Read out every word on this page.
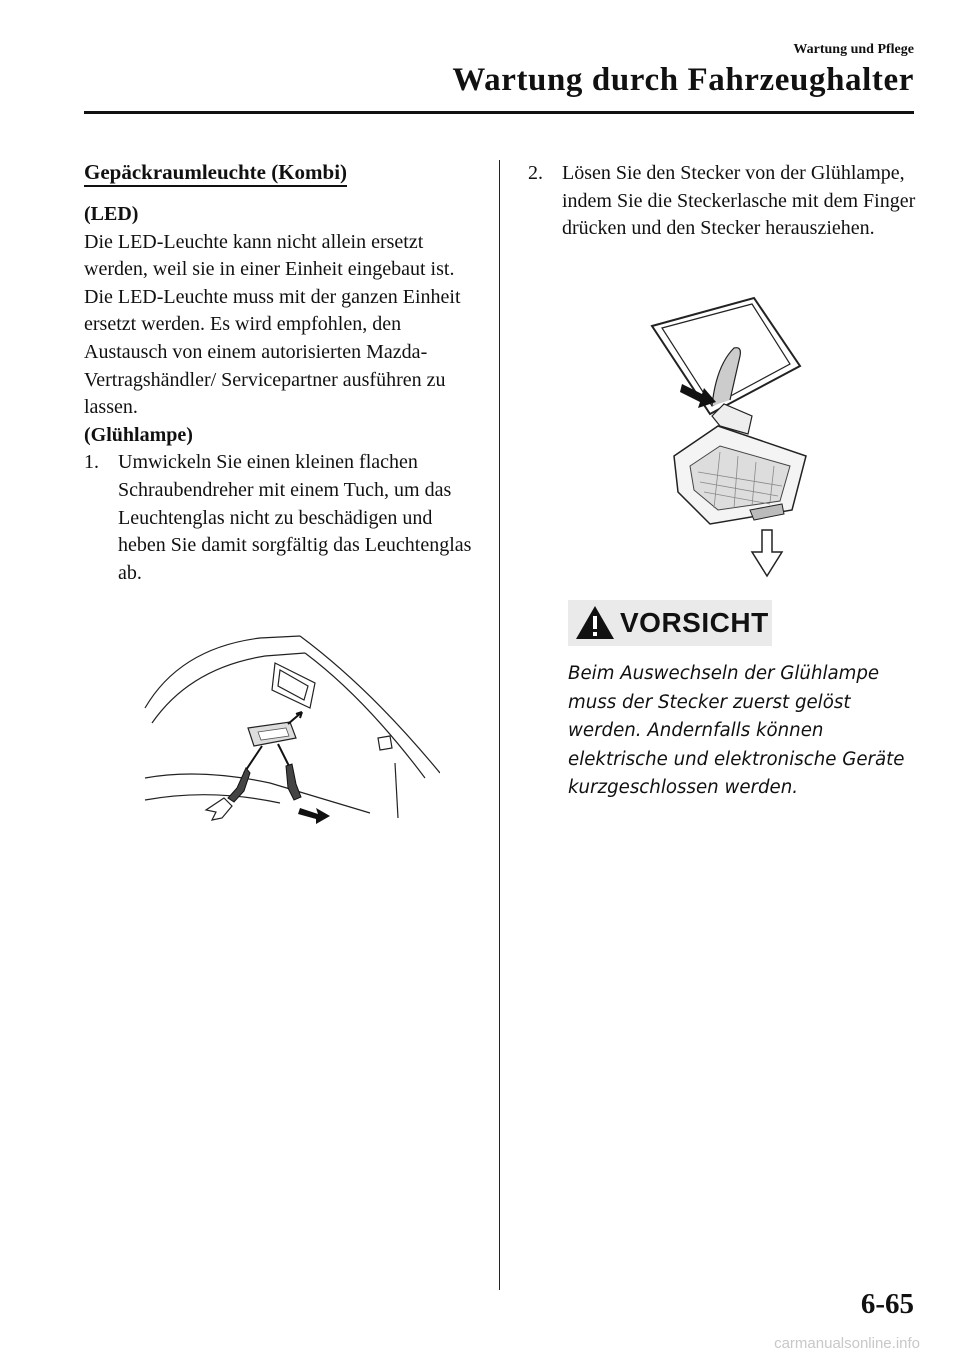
Wartung und Pflege
Wartung durch Fahrzeughalter
Gepäckraumleuchte (Kombi)
(LED)
Die LED-Leuchte kann nicht allein ersetzt werden, weil sie in einer Einheit eingebaut ist.
Die LED-Leuchte muss mit der ganzen Einheit ersetzt werden. Es wird empfohlen, den Austausch von einem autorisierten Mazda-Vertragshändler/ Servicepartner ausführen zu lassen.
(Glühlampe)
1. Umwickeln Sie einen kleinen flachen Schraubendreher mit einem Tuch, um das Leuchtenglas nicht zu beschädigen und heben Sie damit sorgfältig das Leuchtenglas ab.
2. Lösen Sie den Stecker von der Glühlampe, indem Sie die Steckerlasche mit dem Finger drücken und den Stecker herausziehen.
VORSICHT
Beim Auswechseln der Glühlampe muss der Stecker zuerst gelöst werden. Andernfalls können elektrische und elektronische Geräte kurzgeschlossen werden.
6-65
carmanualsonline.info
